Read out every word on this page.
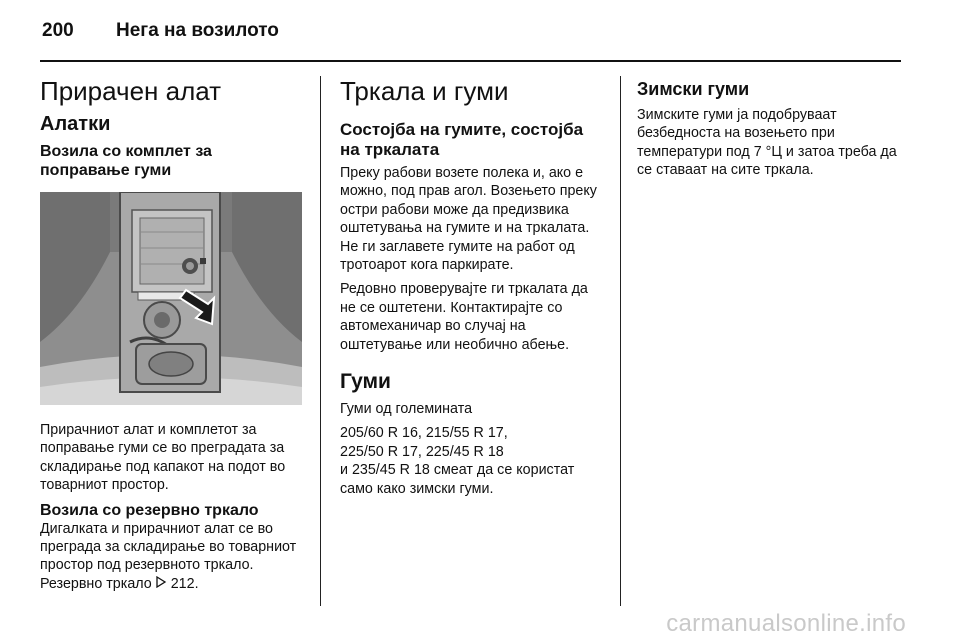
200 Нега на возилото
Прирачен алат
Алатки
Возила со комплет за поправање гуми

Прирачниот алат и комплетот за поправање гуми се во преградата за складирање под капакот на подот во товарниот простор.

Возила со резервно тркало

Дигалката и прирачниот алат се во преграда за складирање во товарниот простор под резервното тркало. Резервно тркало 212.

Тркала и гуми
Состојба на гумите, состојба на тркалата

Преку рабови возете полека и, ако е можно, под прав агол. Возењето преку остри рабови може да предизвика оштетувања на гумите и на тркалата. Не ги заглавете гумите на работ од тротоарот кога паркирате.

Редовно проверувајте ги тркалата да не се оштетени. Контактирајте со автомеханичар во случај на оштетување или необично абење.

Гуми

Гуми од големината

205/60 R 16, 215/55 R 17,
225/50 R 17, 225/45 R 18
и 235/45 R 18 смеат да се користат само како зимски гуми.

Зимски гуми

Зимските гуми ја подобруваат безбедноста на возењето при температури под 7 °Ц и затоа треба да се ставаат на сите тркала.

carmanualsonline.info
